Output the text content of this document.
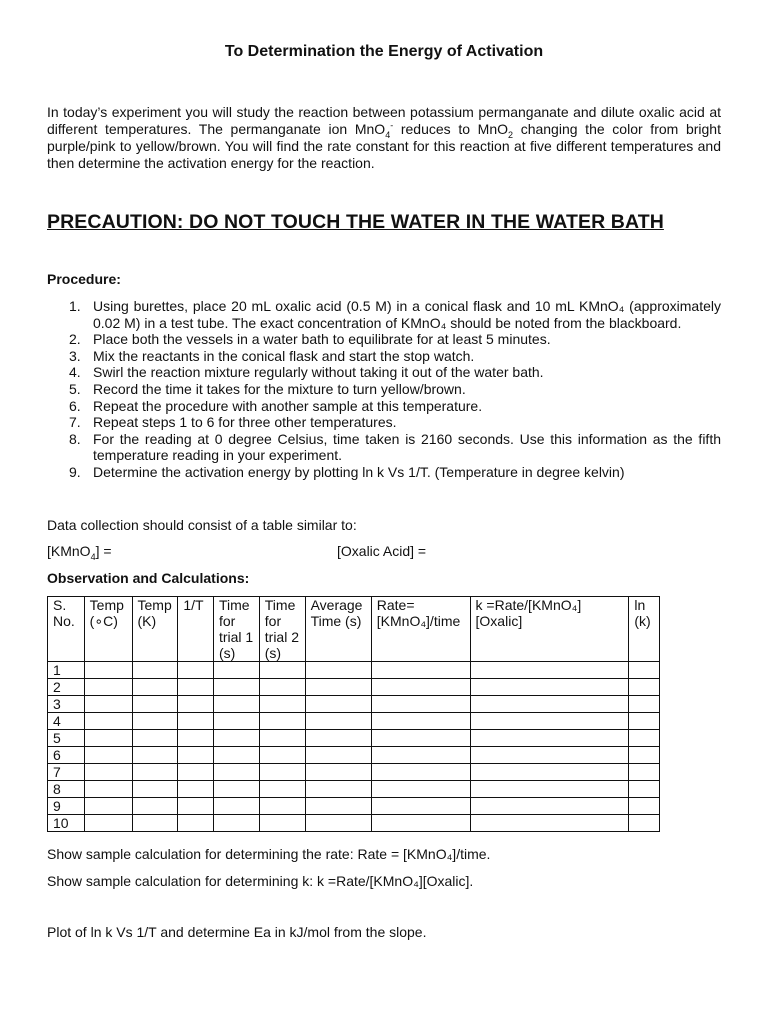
To Determination the Energy of Activation

In today’s experiment you will study the reaction between potassium permanganate and dilute oxalic acid at different temperatures. The permanganate ion MnO$_4$- reduces to MnO$_2$ changing the color from bright purple/pink to yellow/brown. You will find the rate constant for this reaction at five different temperatures and then determine the activation energy for the reaction.

PRECAUTION: DO NOT TOUCH THE WATER IN THE WATER BATH
Procedure:
1. Using burettes, place 20 mL oxalic acid (0.5 M) in a conical flask and 10 mL KMnO₄ (approximately 0.02 M) in a test tube. The exact concentration of KMnO₄ should be noted from the blackboard.
2. Place both the vessels in a water bath to equilibrate for at least 5 minutes.
3. Mix the reactants in the conical flask and start the stop watch.
4. Swirl the reaction mixture regularly without taking it out of the water bath.
5. Record the time it takes for the mixture to turn yellow/brown.
6. Repeat the procedure with another sample at this temperature.
7. Repeat steps 1 to 6 for three other temperatures.
8. For the reading at 0 degree Celsius, time taken is 2160 seconds. Use this information as the fifth temperature reading in your experiment.
9. Determine the activation energy by plotting ln k Vs 1/T. (Temperature in degree kelvin)
Data collection should consist of a table similar to:
[KMnO$_4$] =	[Oxalic Acid] =
Observation and Calculations:
S. No.	Temp (∘C)	Temp (K)	1/T	Time for trial 1 (s)	Time for trial 2 (s)	Average Time (s)	Rate= [KMnO₄]/time	k =Rate/[KMnO₄][Oxalic]	ln (k)
1									
2									
3									
4									
5									
6									
7									
8									
9									
10									
Show sample calculation for determining the rate: Rate = [KMnO₄]/time.
Show sample calculation for determining k: k =Rate/[KMnO₄][Oxalic].
Plot of ln k Vs 1/T and determine Ea in kJ/mol from the slope.
